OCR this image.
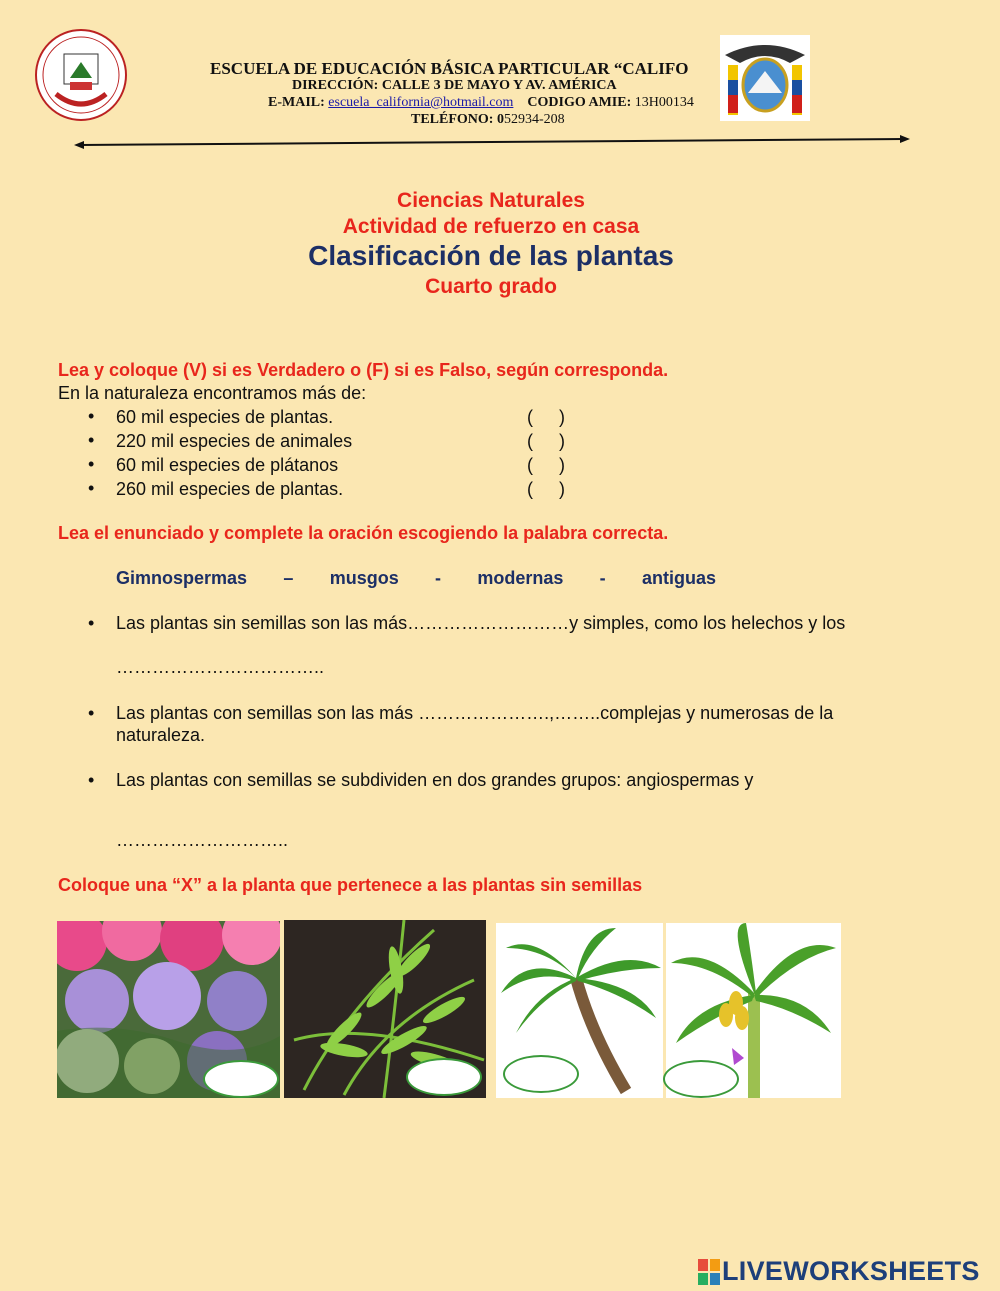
ESCUELA DE EDUCACIÓN BÁSICA PARTICULAR “CALIFO
DIRECCIÓN: CALLE 3 DE MAYO Y AV. AMÉRICA
E-MAIL: escuela_california@hotmail.com CODIGO AMIE: 13H00134
TELÉFONO: 052934-208
Ciencias Naturales
Actividad de refuerzo en casa
Clasificación de las plantas
Cuarto grado
Lea y coloque (V) si es Verdadero o (F) si es Falso, según corresponda.
En la naturaleza encontramos más de:
• 60 mil especies de plantas.	( )
• 220 mil especies de animales	( )
• 60 mil especies de plátanos	( )
• 260 mil especies de plantas.	( )
Lea el enunciado y complete la oración escogiendo la palabra correcta.
Gimnospermas – musgos - modernas - antiguas
• Las plantas sin semillas son las más………………………y simples, como los helechos y los
……………………………..
• Las plantas con semillas son las más ………………….,……..complejas y numerosas de la
naturaleza.
• Las plantas con semillas se subdividen en dos grandes grupos: angiospermas y
………………………..
Coloque una “X” a la planta que pertenece a las plantas sin semillas
LIVEWORKSHEETS
